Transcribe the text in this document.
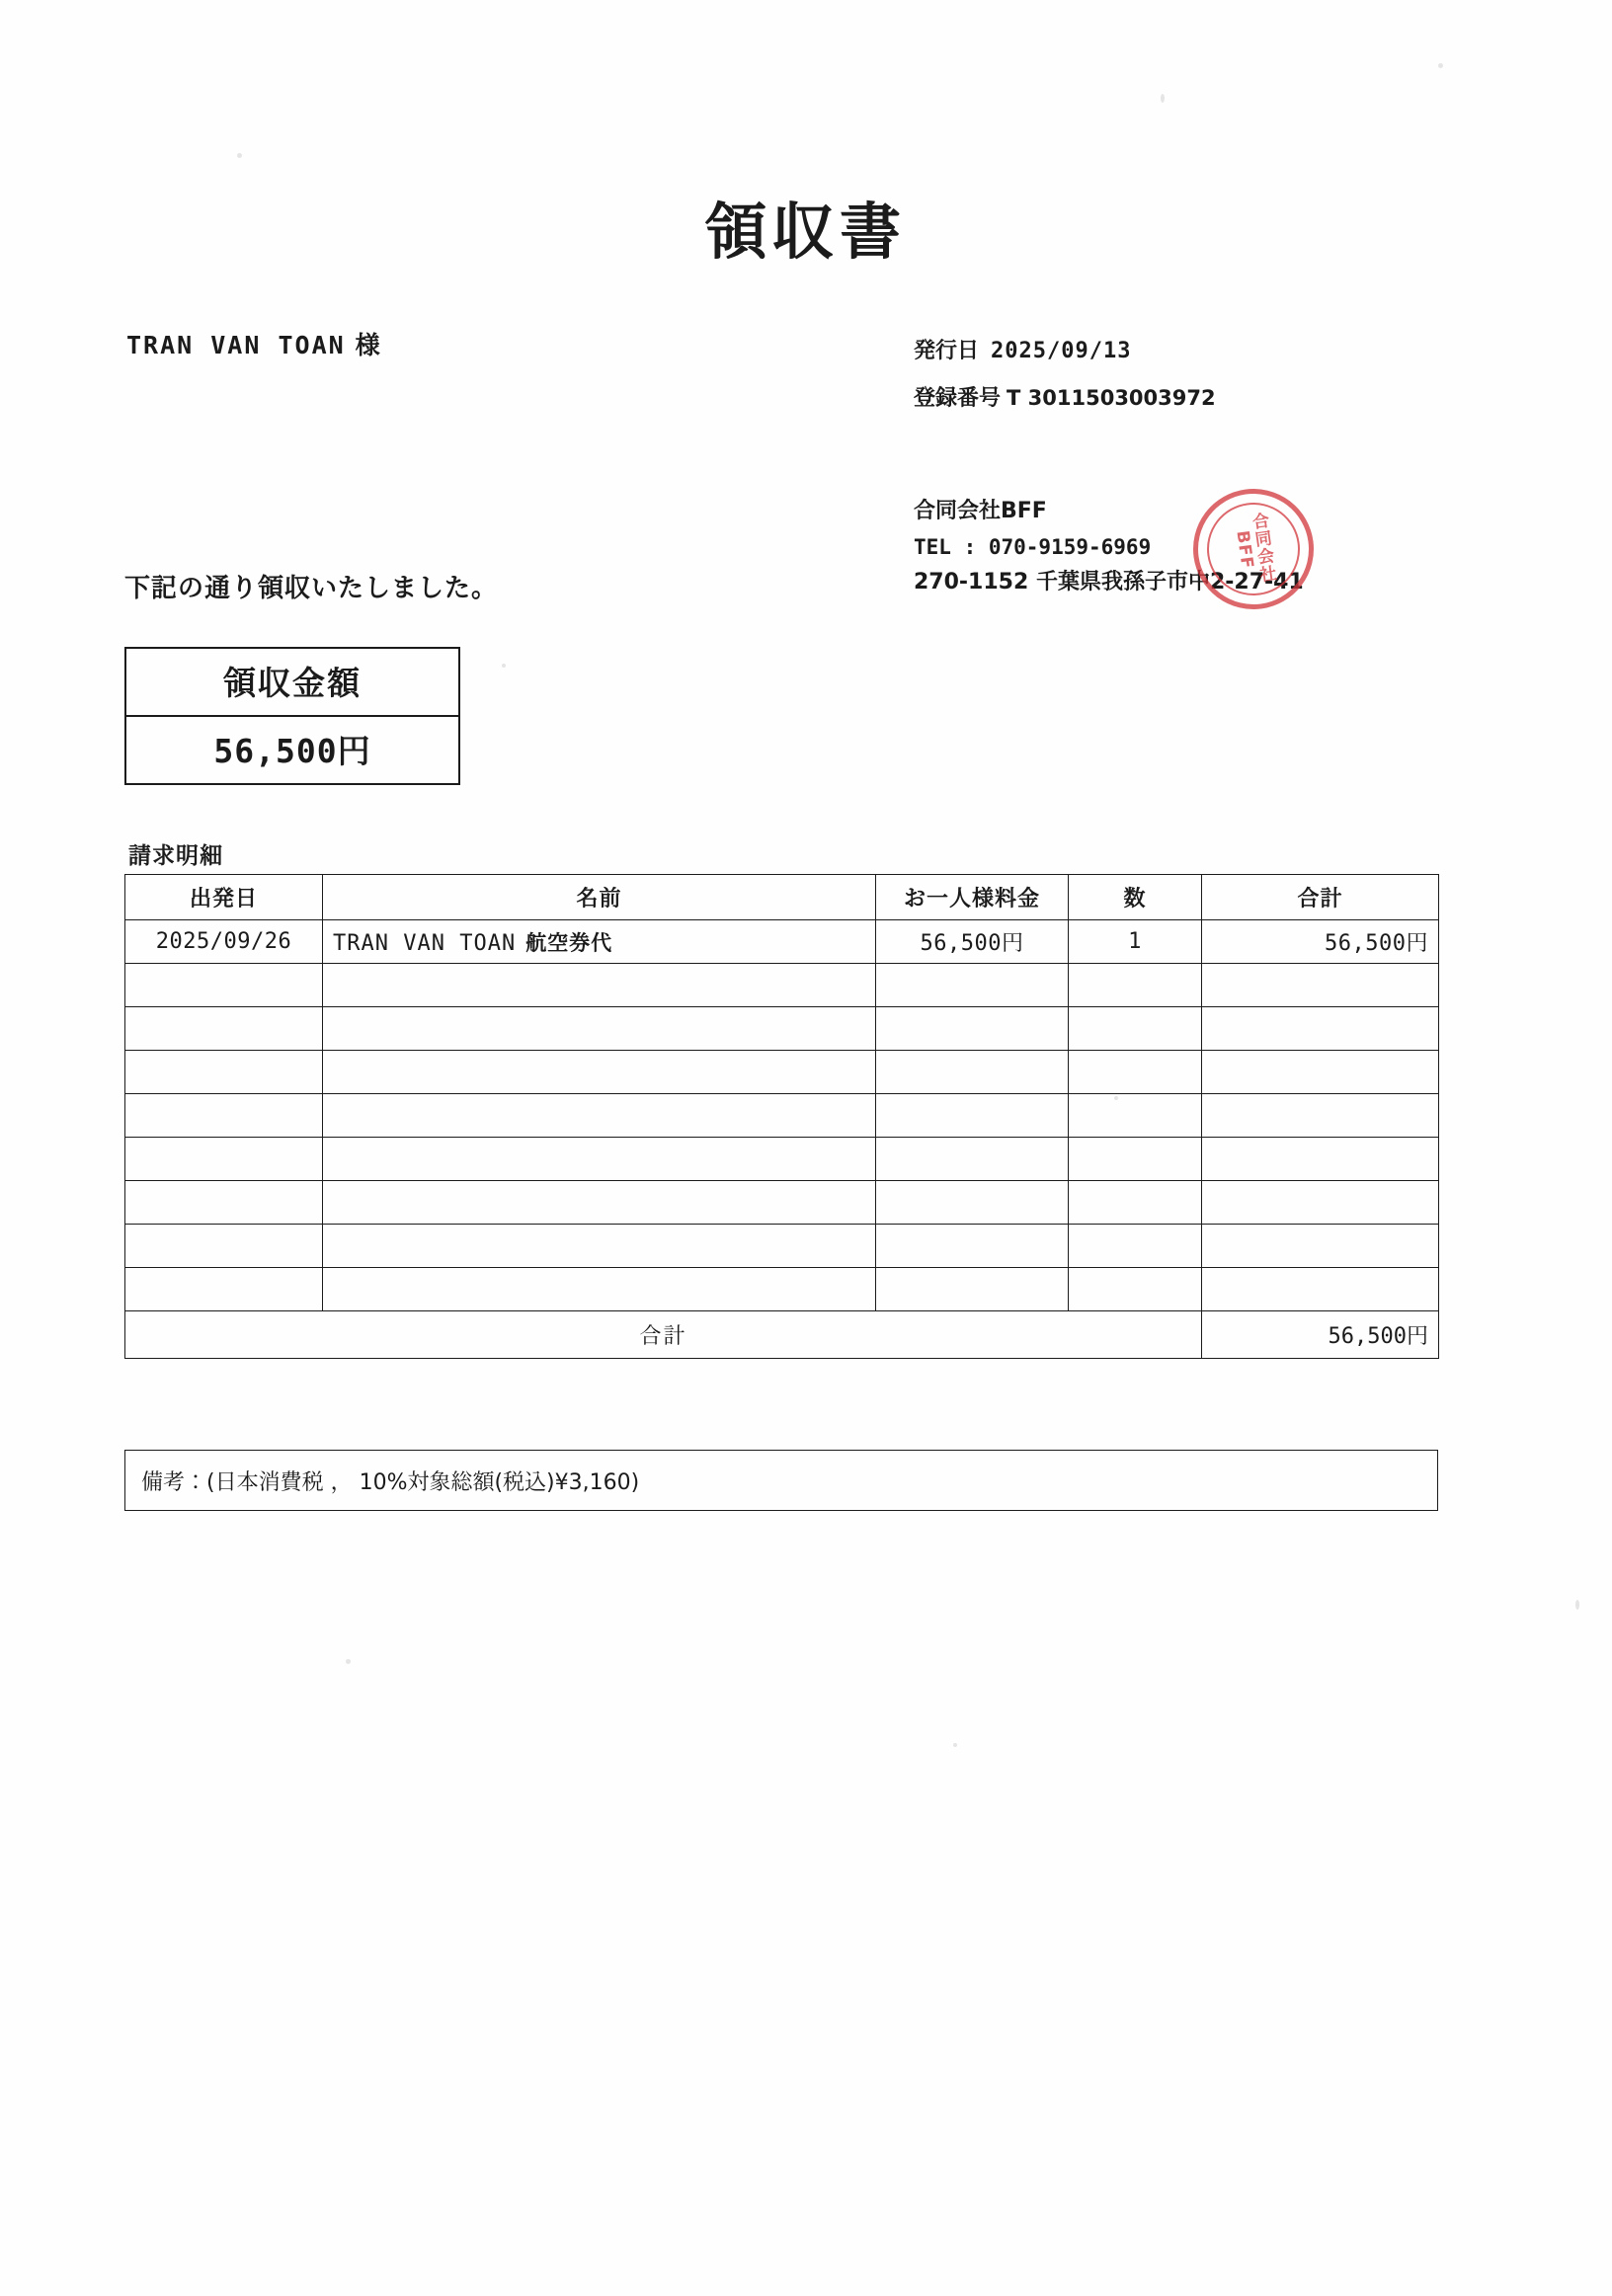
領収書
TRAN VAN TOAN 様	発行日 2025/09/13
登録番号 T 3011503003972
合同会社BFF
TEL : 070-9159-6969
270-1152 千葉県我孫子市中2-27-41
合同会社BFF
下記の通り領収いたしました。
領収金額
56,500円
請求明細
出発日	名前	お一人様料金	数	合計
2025/09/26	TRAN VAN TOAN 航空券代	56,500円	1	56,500円

合計				56,500円
備考：(日本消費税 ， 10%対象総額(税込)¥3,160)
